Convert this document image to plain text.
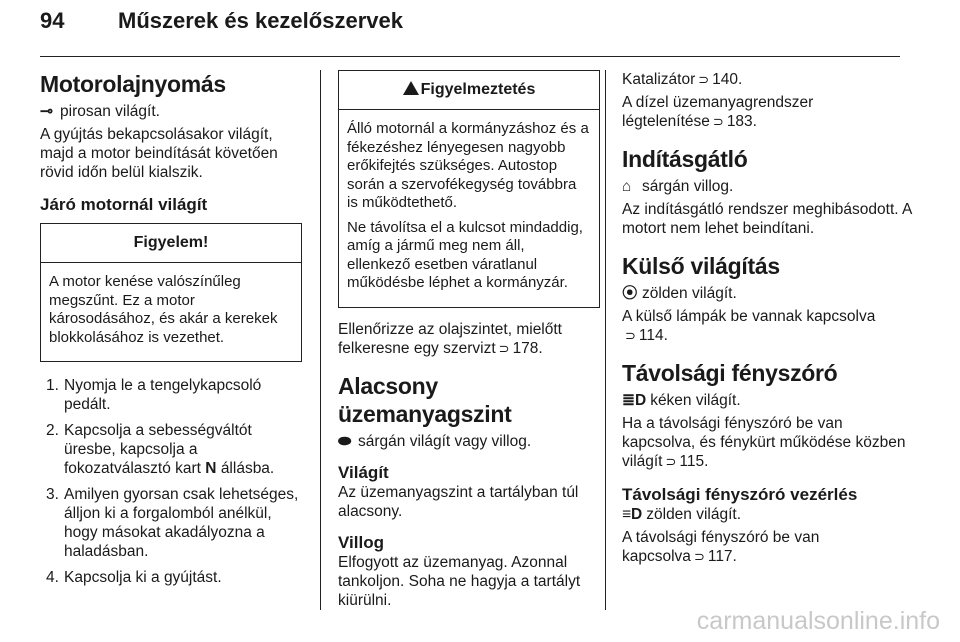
94 Műszerek és kezelőszervek
Motorolajnyomás

⊸ pirosan világít.

A gyújtás bekapcsolásakor világít, majd a motor beindítását követően rövid időn belül kialszik.

Járó motornál világít
Figyelem!

A motor kenése valószínűleg megszűnt. Ez a motor károsodásához, és akár a kerekek blokkolásához is vezethet.

1. Nyomja le a tengelykapcsoló pedált.
2. Kapcsolja a sebességváltót üresbe, kapcsolja a fokozatválasztó kart N állásba.
3. Amilyen gyorsan csak lehetséges, álljon ki a forgalomból anélkül, hogy másokat akadályozna a haladásban.
4. Kapcsolja ki a gyújtást.
Figyelmeztetés

Álló motornál a kormányzáshoz és a fékezéshez lényegesen nagyobb erőkifejtés szükséges. Autostop során a szervofékegység továbbra is működtethető.

Ne távolítsa el a kulcsot mindaddig, amíg a jármű meg nem áll, ellenkező esetben váratlanul működésbe léphet a kormányzár.

Ellenőrizze az olajszintet, mielőtt felkeresne egy szervizt ⊃ 178.

Alacsony üzemanyagszint

⬬ sárgán világít vagy villog.

Világít

Az üzemanyagszint a tartályban túl alacsony.

Villog

Elfogyott az üzemanyag. Azonnal tankoljon. Soha ne hagyja a tartályt kiürülni.

Katalizátor ⊃ 140.

A dízel üzemanyagrendszer légtelenítése ⊃ 183.

Indításgátló

⌂ sárgán villog.

Az indításgátló rendszer meghibásodott. A motort nem lehet beindítani.

Külső világítás

⦿ zölden világít.

A külső lámpák be vannak kapcsolva ⊃ 114.

Távolsági fényszóró

≣D kéken világít.

Ha a távolsági fényszóró be van kapcsolva, és fénykürt működése közben világít ⊃ 115.

Távolsági fényszóró vezérlés

≡D zölden világít.

A távolsági fényszóró be van kapcsolva ⊃ 117.

carmanualsonline.info
